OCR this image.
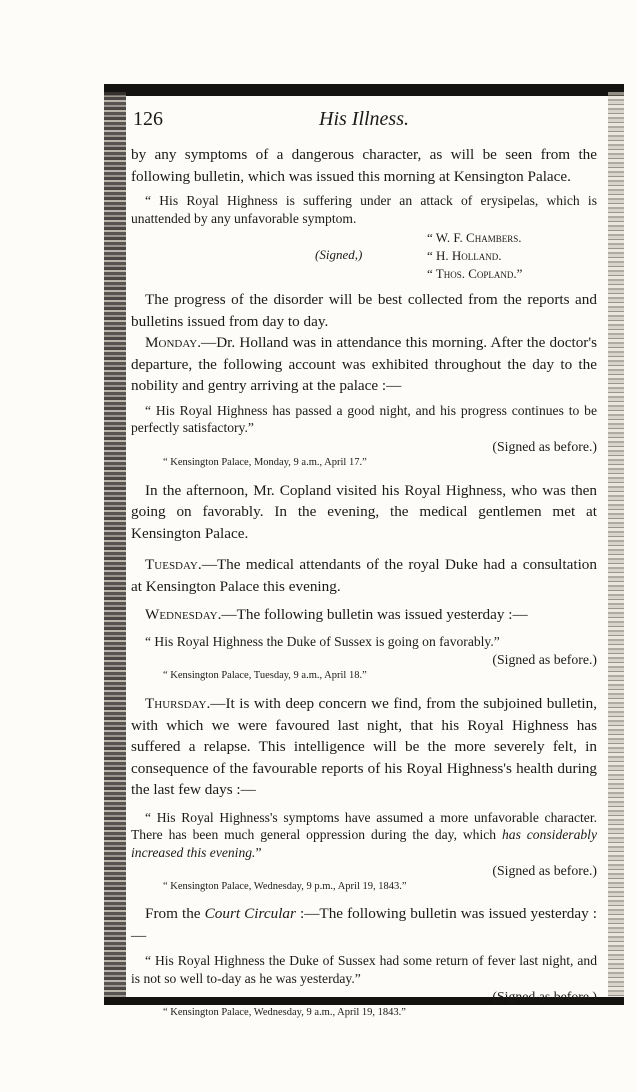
126	His Illness.

by any symptoms of a dangerous character, as will be seen from the following bulletin, which was issued this morning at Kensington Palace.

“ His Royal Highness is suffering under an attack of erysipelas, which is unattended by any unfavorable symptom.

(Signed,)
“ W. F. Chambers.
“ H. Holland.
“ Thos. Copland.”

The progress of the disorder will be best collected from the reports and bulletins issued from day to day.

Monday.—Dr. Holland was in attendance this morning. After the doctor's departure, the following account was exhibited throughout the day to the nobility and gentry arriving at the palace :—

“ His Royal Highness has passed a good night, and his progress continues to be perfectly satisfactory.”

(Signed as before.)

“ Kensington Palace, Monday, 9 a.m., April 17.”

In the afternoon, Mr. Copland visited his Royal Highness, who was then going on favorably. In the evening, the medical gentlemen met at Kensington Palace.

Tuesday.—The medical attendants of the royal Duke had a consultation at Kensington Palace this evening.

Wednesday.—The following bulletin was issued yesterday :—

“ His Royal Highness the Duke of Sussex is going on favorably.”

(Signed as before.)

“ Kensington Palace, Tuesday, 9 a.m., April 18.”

Thursday.—It is with deep concern we find, from the subjoined bulletin, with which we were favoured last night, that his Royal Highness has suffered a relapse. This intelligence will be the more severely felt, in consequence of the favourable reports of his Royal Highness's health during the last few days :—

“ His Royal Highness's symptoms have assumed a more unfavorable character. There has been much general oppression during the day, which has considerably increased this evening.”

(Signed as before.)

“ Kensington Palace, Wednesday, 9 p.m., April 19, 1843.”

From the Court Circular :—The following bulletin was issued yesterday : —

“ His Royal Highness the Duke of Sussex had some return of fever last night, and is not so well to-day as he was yesterday.”

(Signed as before.)

“ Kensington Palace, Wednesday, 9 a.m., April 19, 1843.”
